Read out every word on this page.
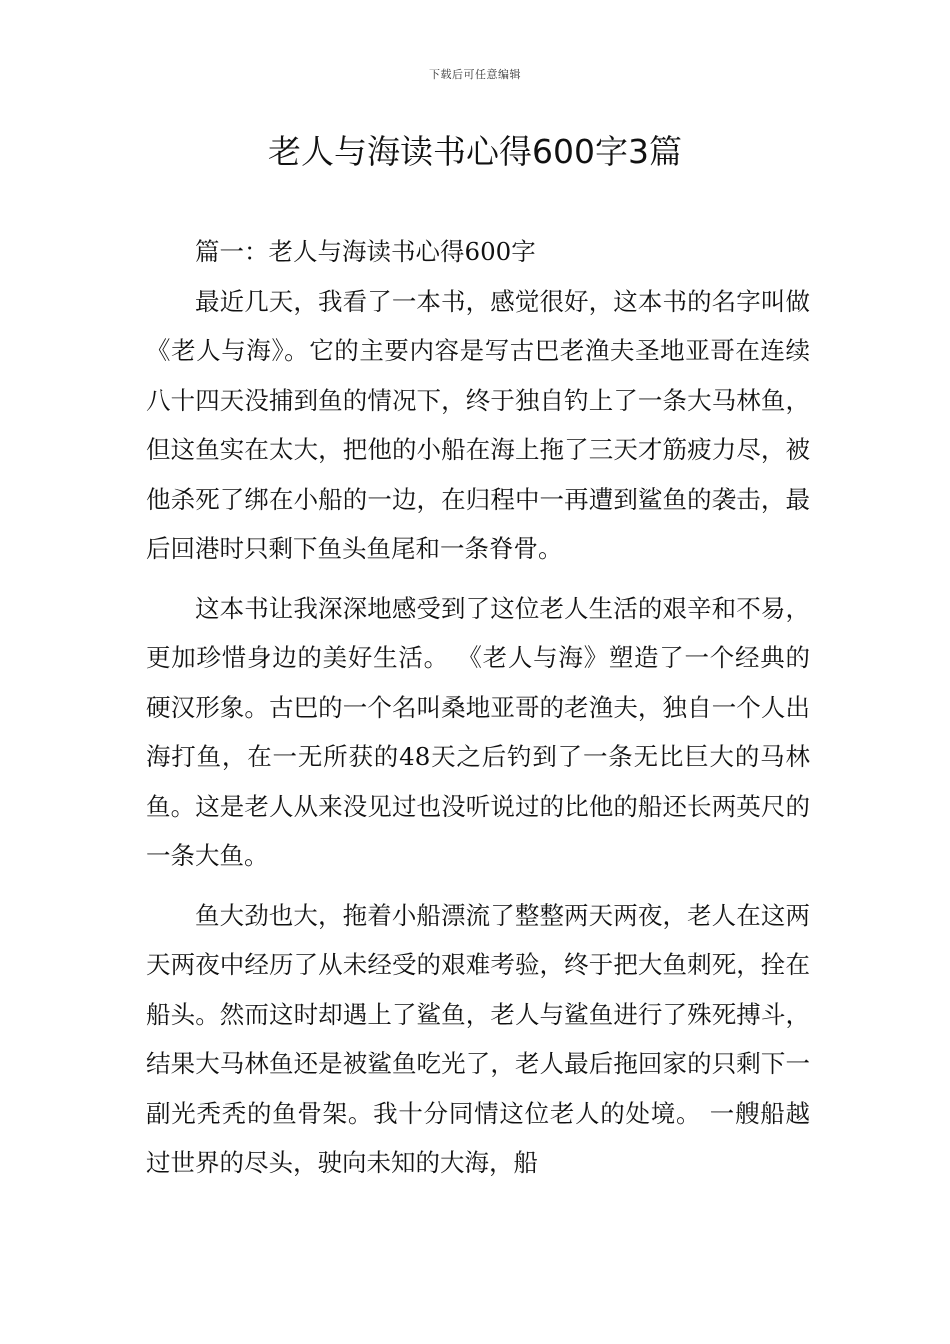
下载后可任意编辑
老人与海读书心得600字3篇

篇一：老人与海读书心得600字

最近几天，我看了一本书，感觉很好，这本书的名字叫做《老人与海》。它的主要内容是写古巴老渔夫圣地亚哥在连续八十四天没捕到鱼的情况下，终于独自钓上了一条大马林鱼，但这鱼实在太大，把他的小船在海上拖了三天才筋疲力尽，被他杀死了绑在小船的一边，在归程中一再遭到鲨鱼的袭击，最后回港时只剩下鱼头鱼尾和一条脊骨。

这本书让我深深地感受到了这位老人生活的艰辛和不易，更加珍惜身边的美好生活。 《老人与海》塑造了一个经典的硬汉形象。古巴的一个名叫桑地亚哥的老渔夫，独自一个人出海打鱼，在一无所获的48天之后钓到了一条无比巨大的马林鱼。这是老人从来没见过也没听说过的比他的船还长两英尺的一条大鱼。

鱼大劲也大，拖着小船漂流了整整两天两夜，老人在这两天两夜中经历了从未经受的艰难考验，终于把大鱼刺死，拴在船头。然而这时却遇上了鲨鱼，老人与鲨鱼进行了殊死搏斗，结果大马林鱼还是被鲨鱼吃光了，老人最后拖回家的只剩下一副光秃秃的鱼骨架。我十分同情这位老人的处境。 一艘船越过世界的尽头，驶向未知的大海，船
